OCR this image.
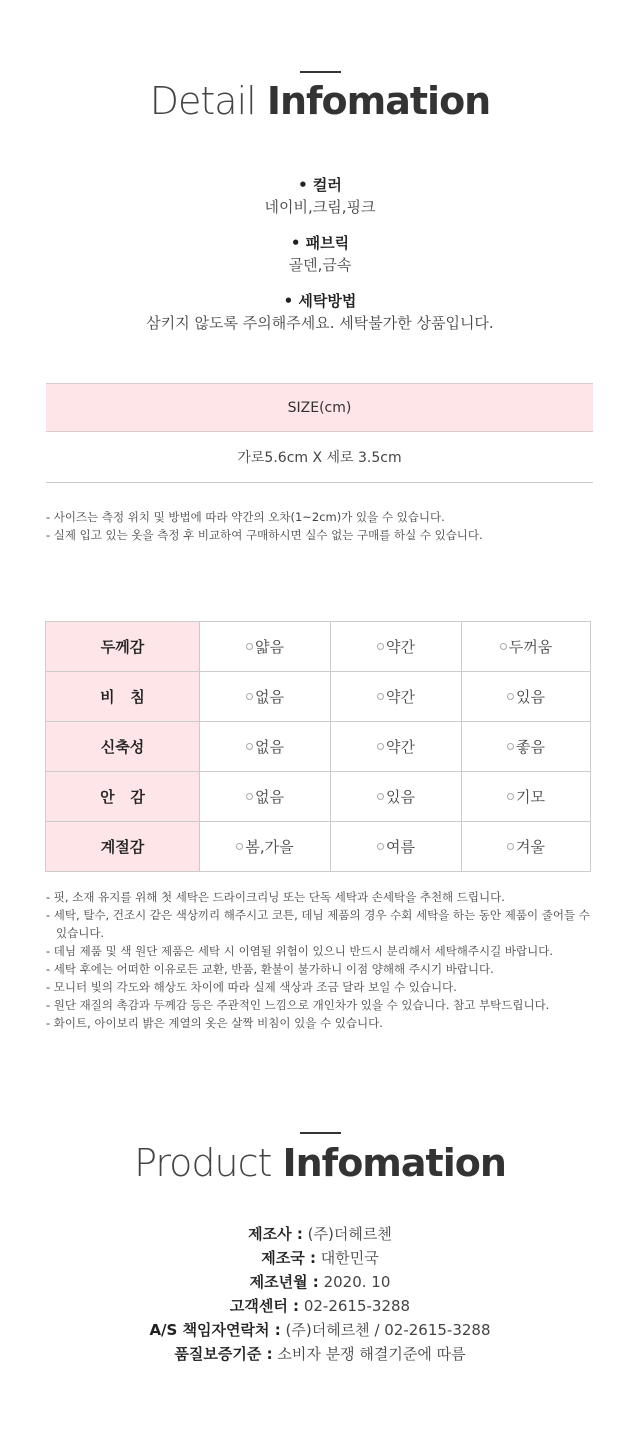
Detail Infomation
• 컬러
네이비,크림,핑크
• 패브릭
골덴,금속
• 세탁방법
삼키지 않도록 주의해주세요. 세탁불가한 상품입니다.
SIZE(cm)
가로5.6cm X 세로 3.5cm
- 사이즈는 측정 위치 및 방법에 따라 약간의 오차(1~2cm)가 있을 수 있습니다.
- 실제 입고 있는 옷을 측정 후 비교하여 구매하시면 실수 없는 구매를 하실 수 있습니다.
두께감	얇음	약간	두꺼움
비   침	없음	약간	있음
신축성	없음	약간	좋음
안   감	없음	있음	기모
계절감	봄,가을	여름	겨울
- 핏, 소재 유지를 위해 첫 세탁은 드라이크리닝 또는 단독 세탁과 손세탁을 추천해 드립니다.
- 세탁, 탈수, 건조시 같은 색상끼리 해주시고 코튼, 데님 제품의 경우 수회 세탁을 하는 동안 제품이 줄어들 수 있습니다.
- 데님 제품 및 색 원단 제품은 세탁 시 이염될 위험이 있으니 반드시 분리해서 세탁해주시길 바랍니다.
- 세탁 후에는 어떠한 이유로든 교환, 반품, 환불이 불가하니 이점 양해해 주시기 바랍니다.
- 모니터 빛의 각도와 해상도 차이에 따라 실제 색상과 조금 달라 보일 수 있습니다.
- 원단 재질의 촉감과 두께감 등은 주관적인 느낌으로 개인차가 있을 수 있습니다. 참고 부탁드립니다.
- 화이트, 아이보리 밝은 계열의 옷은 살짝 비침이 있을 수 있습니다.
Product Infomation
제조사 : (주)더헤르첸
제조국 : 대한민국
제조년월 : 2020. 10
고객센터 : 02-2615-3288
A/S 책임자연락처 : (주)더헤르첸 / 02-2615-3288
품질보증기준 : 소비자 분쟁 해결기준에 따름
